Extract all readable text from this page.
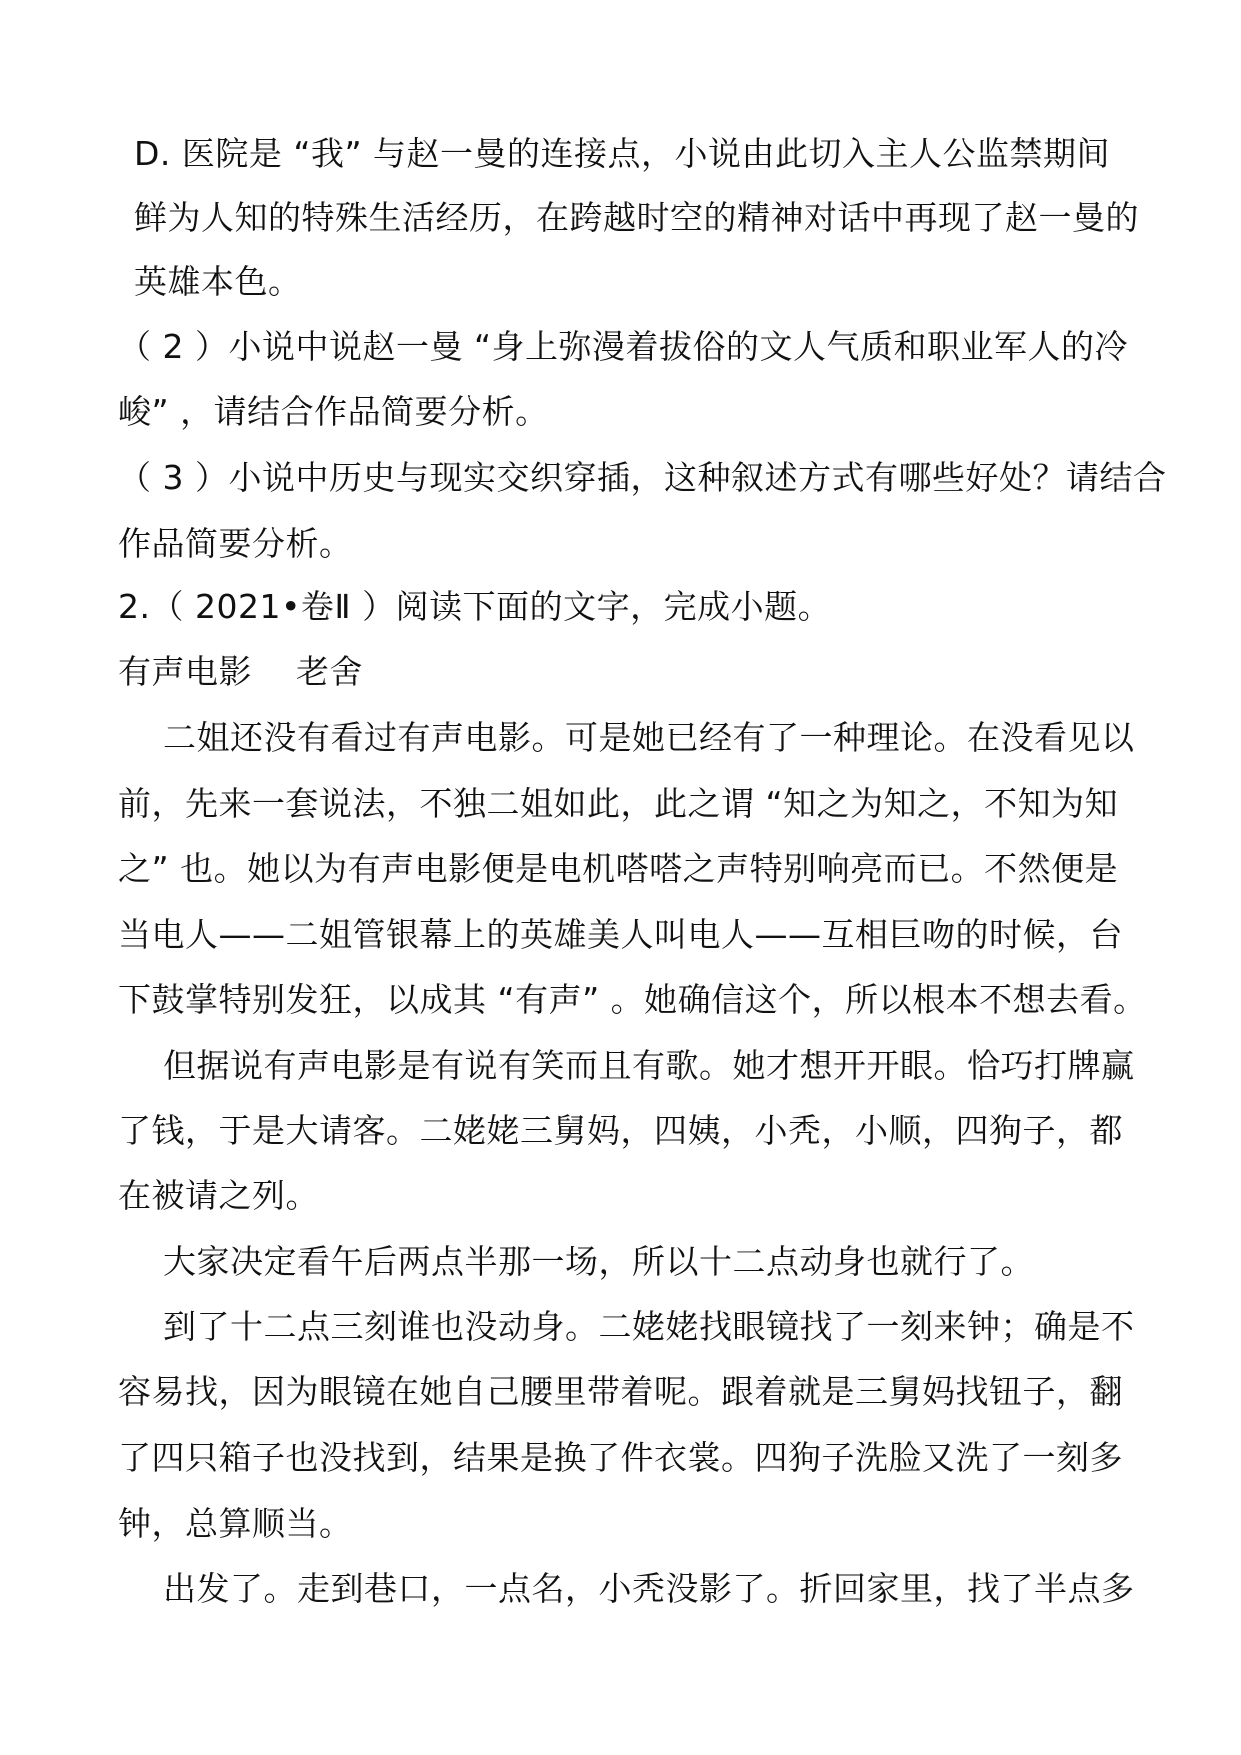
D. 医院是 “我” 与赵一曼的连接点，小说由此切入主人公监禁期间
鲜为人知的特殊生活经历，在跨越时空的精神对话中再现了赵一曼的
英雄本色。
（ 2 ）小说中说赵一曼 “身上弥漫着拔俗的文人气质和职业军人的冷
峻” ，请结合作品简要分析。
（ 3 ）小说中历史与现实交织穿插，这种叙述方式有哪些好处？请结合
作品简要分析。
2.（ 2021•卷Ⅱ ）阅读下面的文字，完成小题。
有声电影 老舍
二姐还没有看过有声电影。可是她已经有了一种理论。在没看见以
前，先来一套说法，不独二姐如此，此之谓 “知之为知之，不知为知
之” 也。她以为有声电影便是电机嗒嗒之声特别响亮而已。不然便是
当电人——二姐管银幕上的英雄美人叫电人——互相巨吻的时候，台
下鼓掌特别发狂，以成其 “有声” 。她确信这个，所以根本不想去看。
但据说有声电影是有说有笑而且有歌。她才想开开眼。恰巧打牌赢
了钱，于是大请客。二姥姥三舅妈，四姨，小秃，小顺，四狗子，都
在被请之列。
大家决定看午后两点半那一场，所以十二点动身也就行了。
到了十二点三刻谁也没动身。二姥姥找眼镜找了一刻来钟；确是不
容易找，因为眼镜在她自己腰里带着呢。跟着就是三舅妈找钮子，翻
了四只箱子也没找到，结果是换了件衣裳。四狗子洗脸又洗了一刻多
钟，总算顺当。
出发了。走到巷口，一点名，小秃没影了。折回家里，找了半点多
